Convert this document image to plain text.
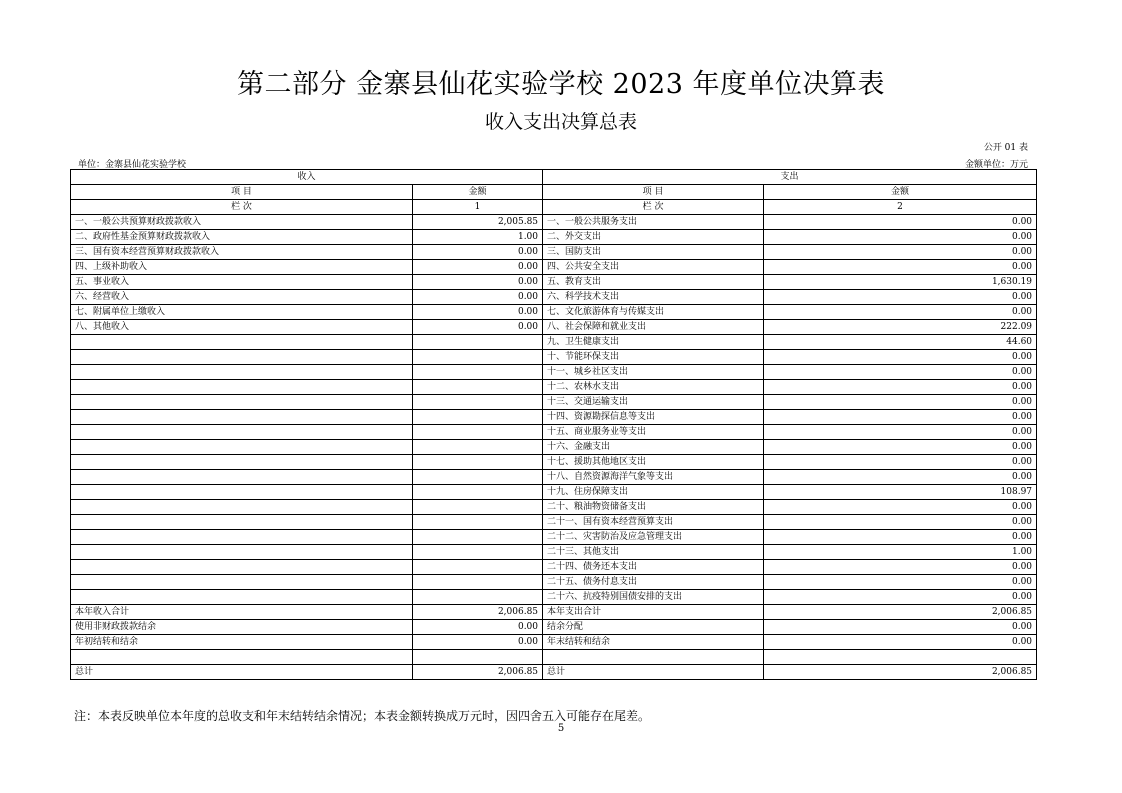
第二部分 金寨县仙花实验学校 2023 年度单位决算表
收入支出决算总表
公开 01 表
单位：金寨县仙花实验学校	金额单位：万元
收入		支出	
项 目	金额	项 目	金额
栏 次	1	栏 次	2
一、一般公共预算财政拨款收入	2,005.85	一、一般公共服务支出	0.00
二、政府性基金预算财政拨款收入	1.00	二、外交支出	0.00
三、国有资本经营预算财政拨款收入	0.00	三、国防支出	0.00
四、上级补助收入	0.00	四、公共安全支出	0.00
五、事业收入	0.00	五、教育支出	1,630.19
六、经营收入	0.00	六、科学技术支出	0.00
七、附属单位上缴收入	0.00	七、文化旅游体育与传媒支出	0.00
八、其他收入	0.00	八、社会保障和就业支出	222.09
		九、卫生健康支出	44.60
		十、节能环保支出	0.00
		十一、城乡社区支出	0.00
		十二、农林水支出	0.00
		十三、交通运输支出	0.00
		十四、资源勘探信息等支出	0.00
		十五、商业服务业等支出	0.00
		十六、金融支出	0.00
		十七、援助其他地区支出	0.00
		十八、自然资源海洋气象等支出	0.00
		十九、住房保障支出	108.97
		二十、粮油物资储备支出	0.00
		二十一、国有资本经营预算支出	0.00
		二十二、灾害防治及应急管理支出	0.00
		二十三、其他支出	1.00
		二十四、债务还本支出	0.00
		二十五、债务付息支出	0.00
		二十六、抗疫特别国债安排的支出	0.00
本年收入合计	2,006.85	本年支出合计	2,006.85
使用非财政拨款结余	0.00	结余分配	0.00
年初结转和结余	0.00	年末结转和结余	0.00

总计	2,006.85	总计	2,006.85
注：本表反映单位本年度的总收支和年末结转结余情况；本表金额转换成万元时，因四舍五入可能存在尾差。
5
